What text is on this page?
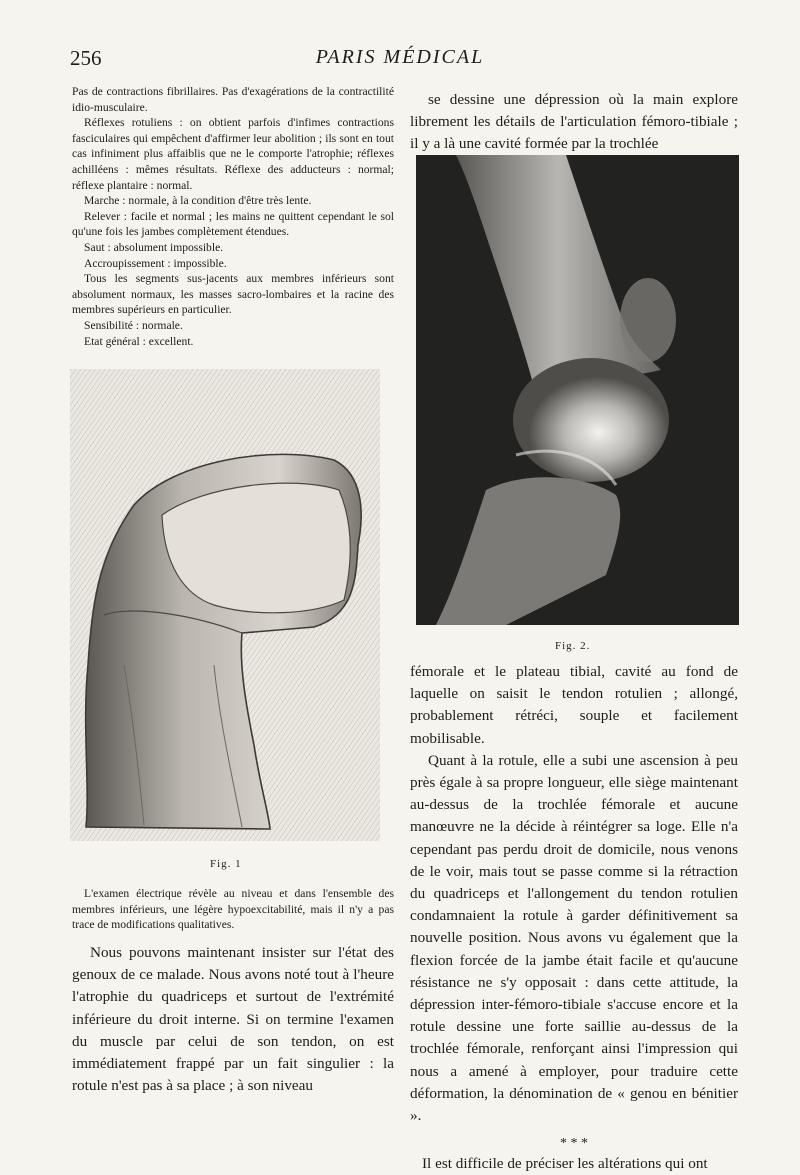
256	PARIS MÉDICAL

Pas de contractions fibrillaires. Pas d'exagérations de la contractilité idio-musculaire.

Réflexes rotuliens : on obtient parfois d'infimes contractions fasciculaires qui empêchent d'affirmer leur abolition ; ils sont en tout cas infiniment plus affaiblis que ne le comporte l'atrophie; réflexes achilléens : mêmes résultats. Réflexe des adducteurs : normal; réflexe plantaire : normal.

Marche : normale, à la condition d'être très lente.

Relever : facile et normal ; les mains ne quittent cependant le sol qu'une fois les jambes complètement étendues.

Saut : absolument impossible.

Accroupissement : impossible.

Tous les segments sus-jacents aux membres inférieurs sont absolument normaux, les masses sacro-lombaires et la racine des membres supérieurs en particulier.

Sensibilité : normale.

Etat général : excellent.

Fig. 1

L'examen électrique révèle au niveau et dans l'ensemble des membres inférieurs, une légère hypoexcitabilité, mais il n'y a pas trace de modifications qualitatives.

Nous pouvons maintenant insister sur l'état des genoux de ce malade. Nous avons noté tout à l'heure l'atrophie du quadriceps et surtout de l'extrémité inférieure du droit interne. Si on termine l'examen du muscle par celui de son tendon, on est immédiatement frappé par un fait singulier : la rotule n'est pas à sa place ; à son niveau

se dessine une dépression où la main explore librement les détails de l'articulation fémoro-tibiale ; il y a là une cavité formée par la trochlée

Fig. 2.

fémorale et le plateau tibial, cavité au fond de laquelle on saisit le tendon rotulien ; allongé, probablement rétréci, souple et facilement mobilisable.

Quant à la rotule, elle a subi une ascension à peu près égale à sa propre longueur, elle siège maintenant au-dessus de la trochlée fémorale et aucune manœuvre ne la décide à réintégrer sa loge. Elle n'a cependant pas perdu droit de domicile, nous venons de le voir, mais tout se passe comme si la rétraction du quadriceps et l'allongement du tendon rotulien condamnaient la rotule à garder définitivement sa nouvelle position. Nous avons vu également que la flexion forcée de la jambe était facile et qu'aucune résistance ne s'y opposait : dans cette attitude, la dépression inter-fémoro-tibiale s'accuse encore et la rotule dessine une forte saillie au-dessus de la trochlée fémorale, renforçant ainsi l'impression qui nous a amené à employer, pour traduire cette déformation, la dénomination de « genou en bénitier ».

* * *

Il est difficile de préciser les altérations qui ont
